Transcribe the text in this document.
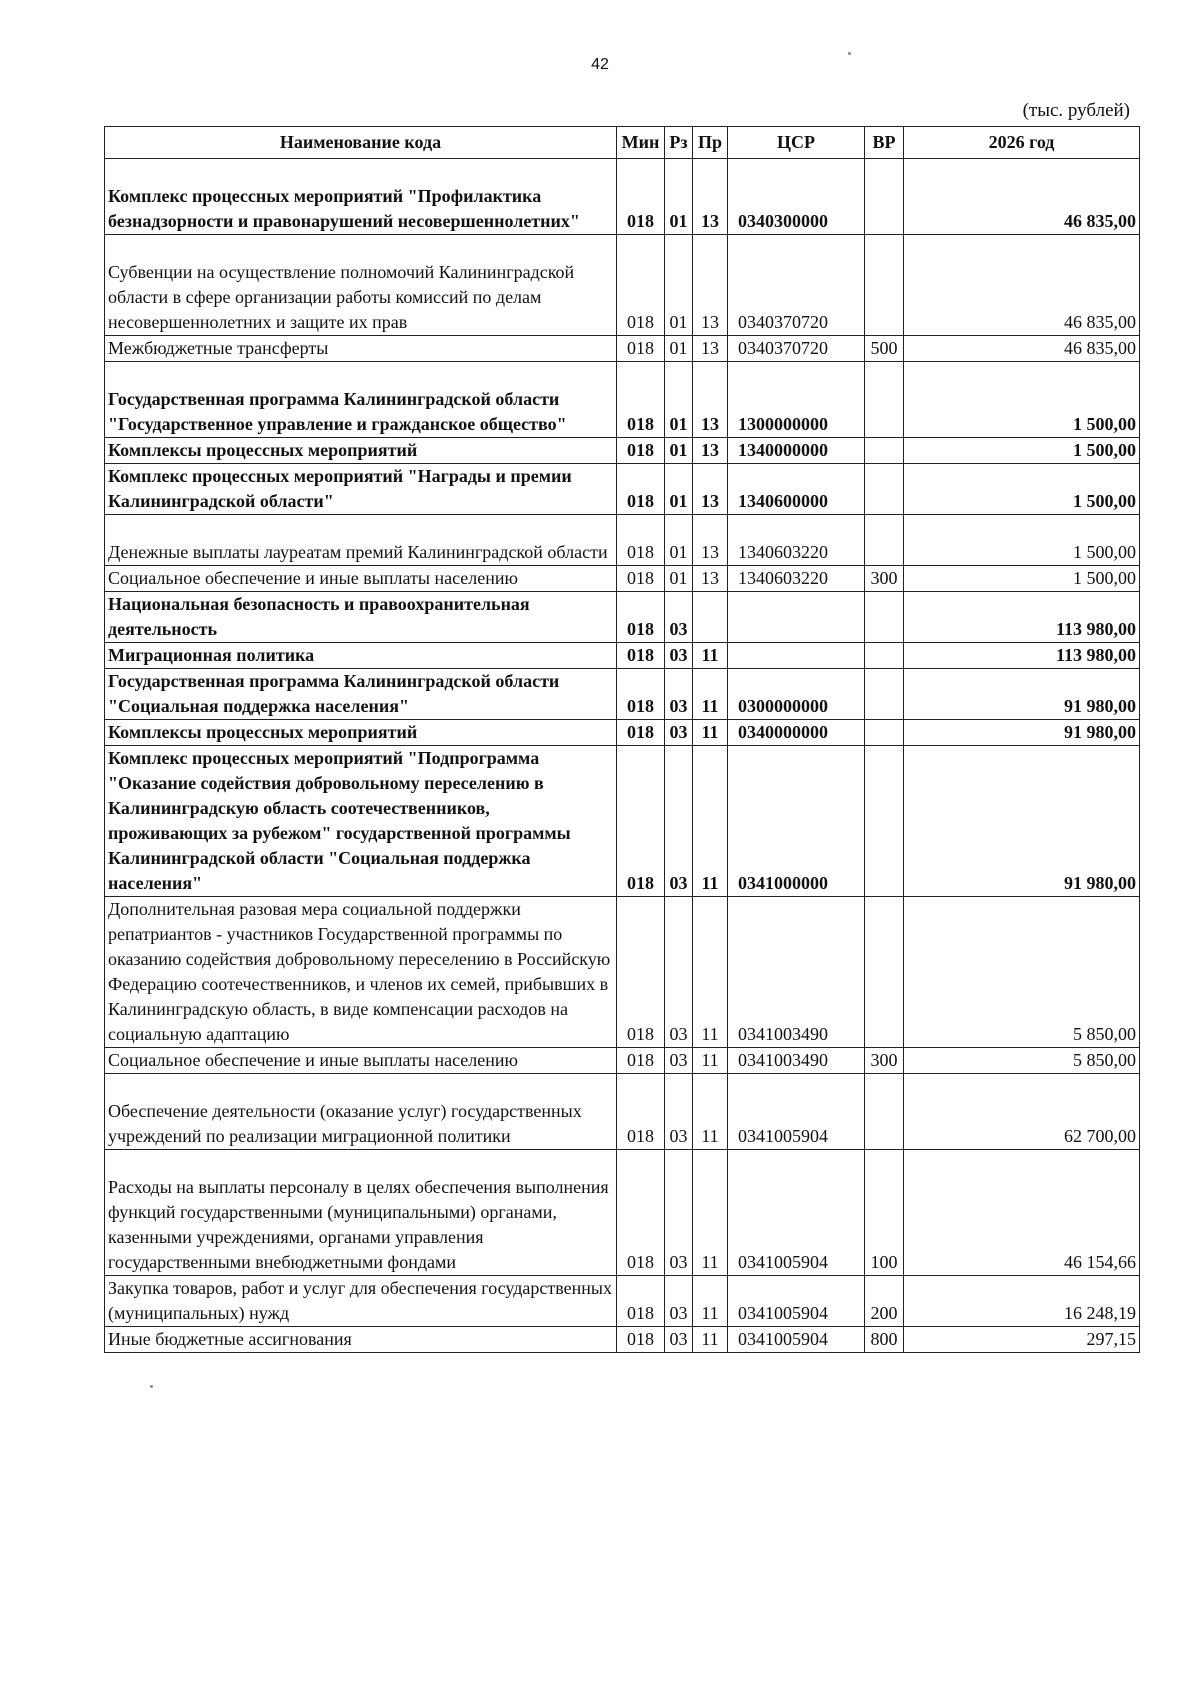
42
(тыс. рублей)
Наименование кода	Мин	Рз	Пр	ЦСР	ВР	2026 год
Комплекс процессных мероприятий "Профилактика безнадзорности и правонарушений несовершеннолетних"	018	01	13	0340300000		46 835,00
Субвенции на осуществление полномочий Калининградской области в сфере организации работы комиссий по делам несовершеннолетних и защите их прав	018	01	13	0340370720		46 835,00
Межбюджетные трансферты	018	01	13	0340370720	500	46 835,00
Государственная программа Калининградской области "Государственное управление и гражданское общество"	018	01	13	1300000000		1 500,00
Комплексы процессных мероприятий	018	01	13	1340000000		1 500,00
Комплекс процессных мероприятий "Награды и премии Калининградской области"	018	01	13	1340600000		1 500,00
Денежные выплаты лауреатам премий Калининградской области	018	01	13	1340603220		1 500,00
Социальное обеспечение и иные выплаты населению	018	01	13	1340603220	300	1 500,00
Национальная безопасность и правоохранительная деятельность	018	03				113 980,00
Миграционная политика	018	03	11			113 980,00
Государственная программа Калининградской области "Социальная поддержка населения"	018	03	11	0300000000		91 980,00
Комплексы процессных мероприятий	018	03	11	0340000000		91 980,00
Комплекс процессных мероприятий "Подпрограмма "Оказание содействия добровольному переселению в Калининградскую область соотечественников, проживающих за рубежом" государственной программы Калининградской области "Социальная поддержка населения"	018	03	11	0341000000		91 980,00
Дополнительная разовая мера социальной поддержки репатриантов - участников Государственной программы по оказанию содействия добровольному переселению в Российскую Федерацию соотечественников, и членов их семей, прибывших в Калининградскую область, в виде компенсации расходов на социальную адаптацию	018	03	11	0341003490		5 850,00
Социальное обеспечение и иные выплаты населению	018	03	11	0341003490	300	5 850,00
Обеспечение деятельности (оказание услуг) государственных учреждений по реализации миграционной политики	018	03	11	0341005904		62 700,00
Расходы на выплаты персоналу в целях обеспечения выполнения функций государственными (муниципальными) органами, казенными учреждениями, органами управления государственными внебюджетными фондами	018	03	11	0341005904	100	46 154,66
Закупка товаров, работ и услуг для обеспечения государственных (муниципальных) нужд	018	03	11	0341005904	200	16 248,19
Иные бюджетные ассигнования	018	03	11	0341005904	800	297,15
